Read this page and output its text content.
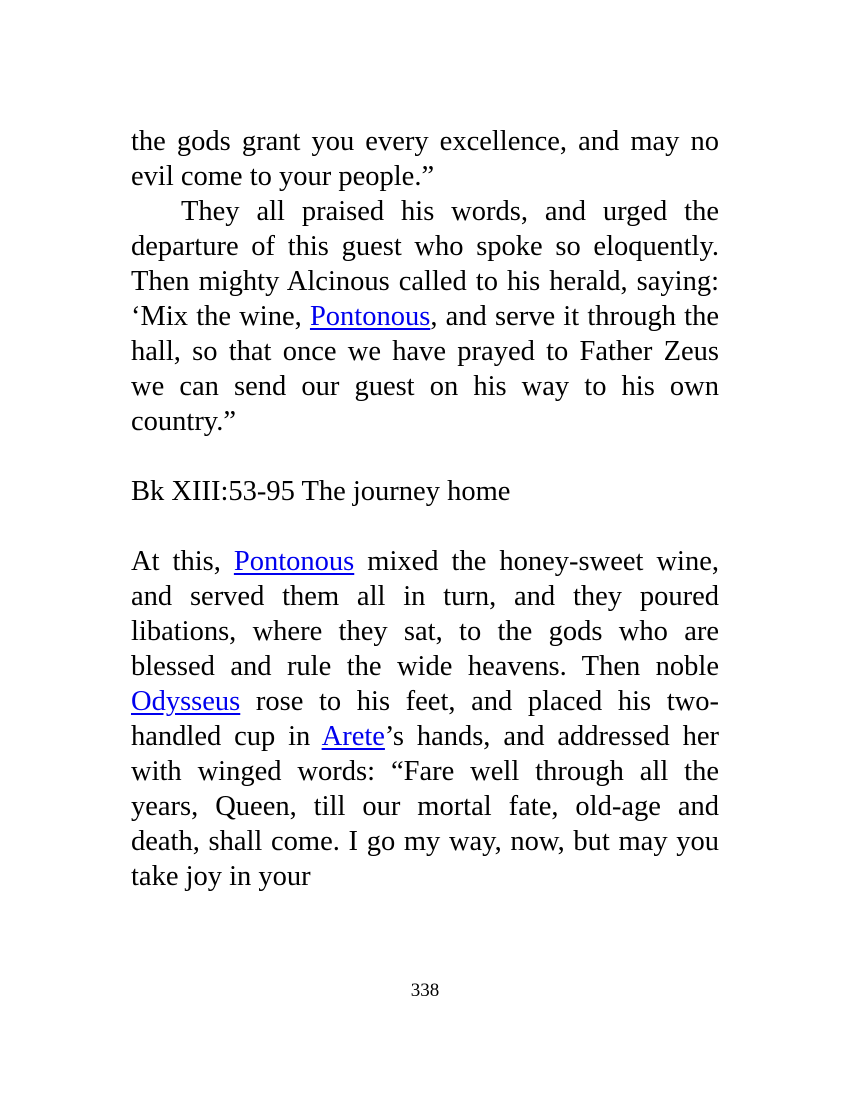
the gods grant you every excellence, and may no evil come to your people.”

They all praised his words, and urged the departure of this guest who spoke so eloquently. Then mighty Alcinous called to his herald, saying: ‘Mix the wine, Pontonous, and serve it through the hall, so that once we have prayed to Father Zeus we can send our guest on his way to his own country.”

Bk XIII:53-95 The journey home

At this, Pontonous mixed the honey-sweet wine, and served them all in turn, and they poured libations, where they sat, to the gods who are blessed and rule the wide heavens. Then noble Odysseus rose to his feet, and placed his two-handled cup in Arete’s hands, and addressed her with winged words: “Fare well through all the years, Queen, till our mortal fate, old-age and death, shall come. I go my way, now, but may you take joy in your

338
